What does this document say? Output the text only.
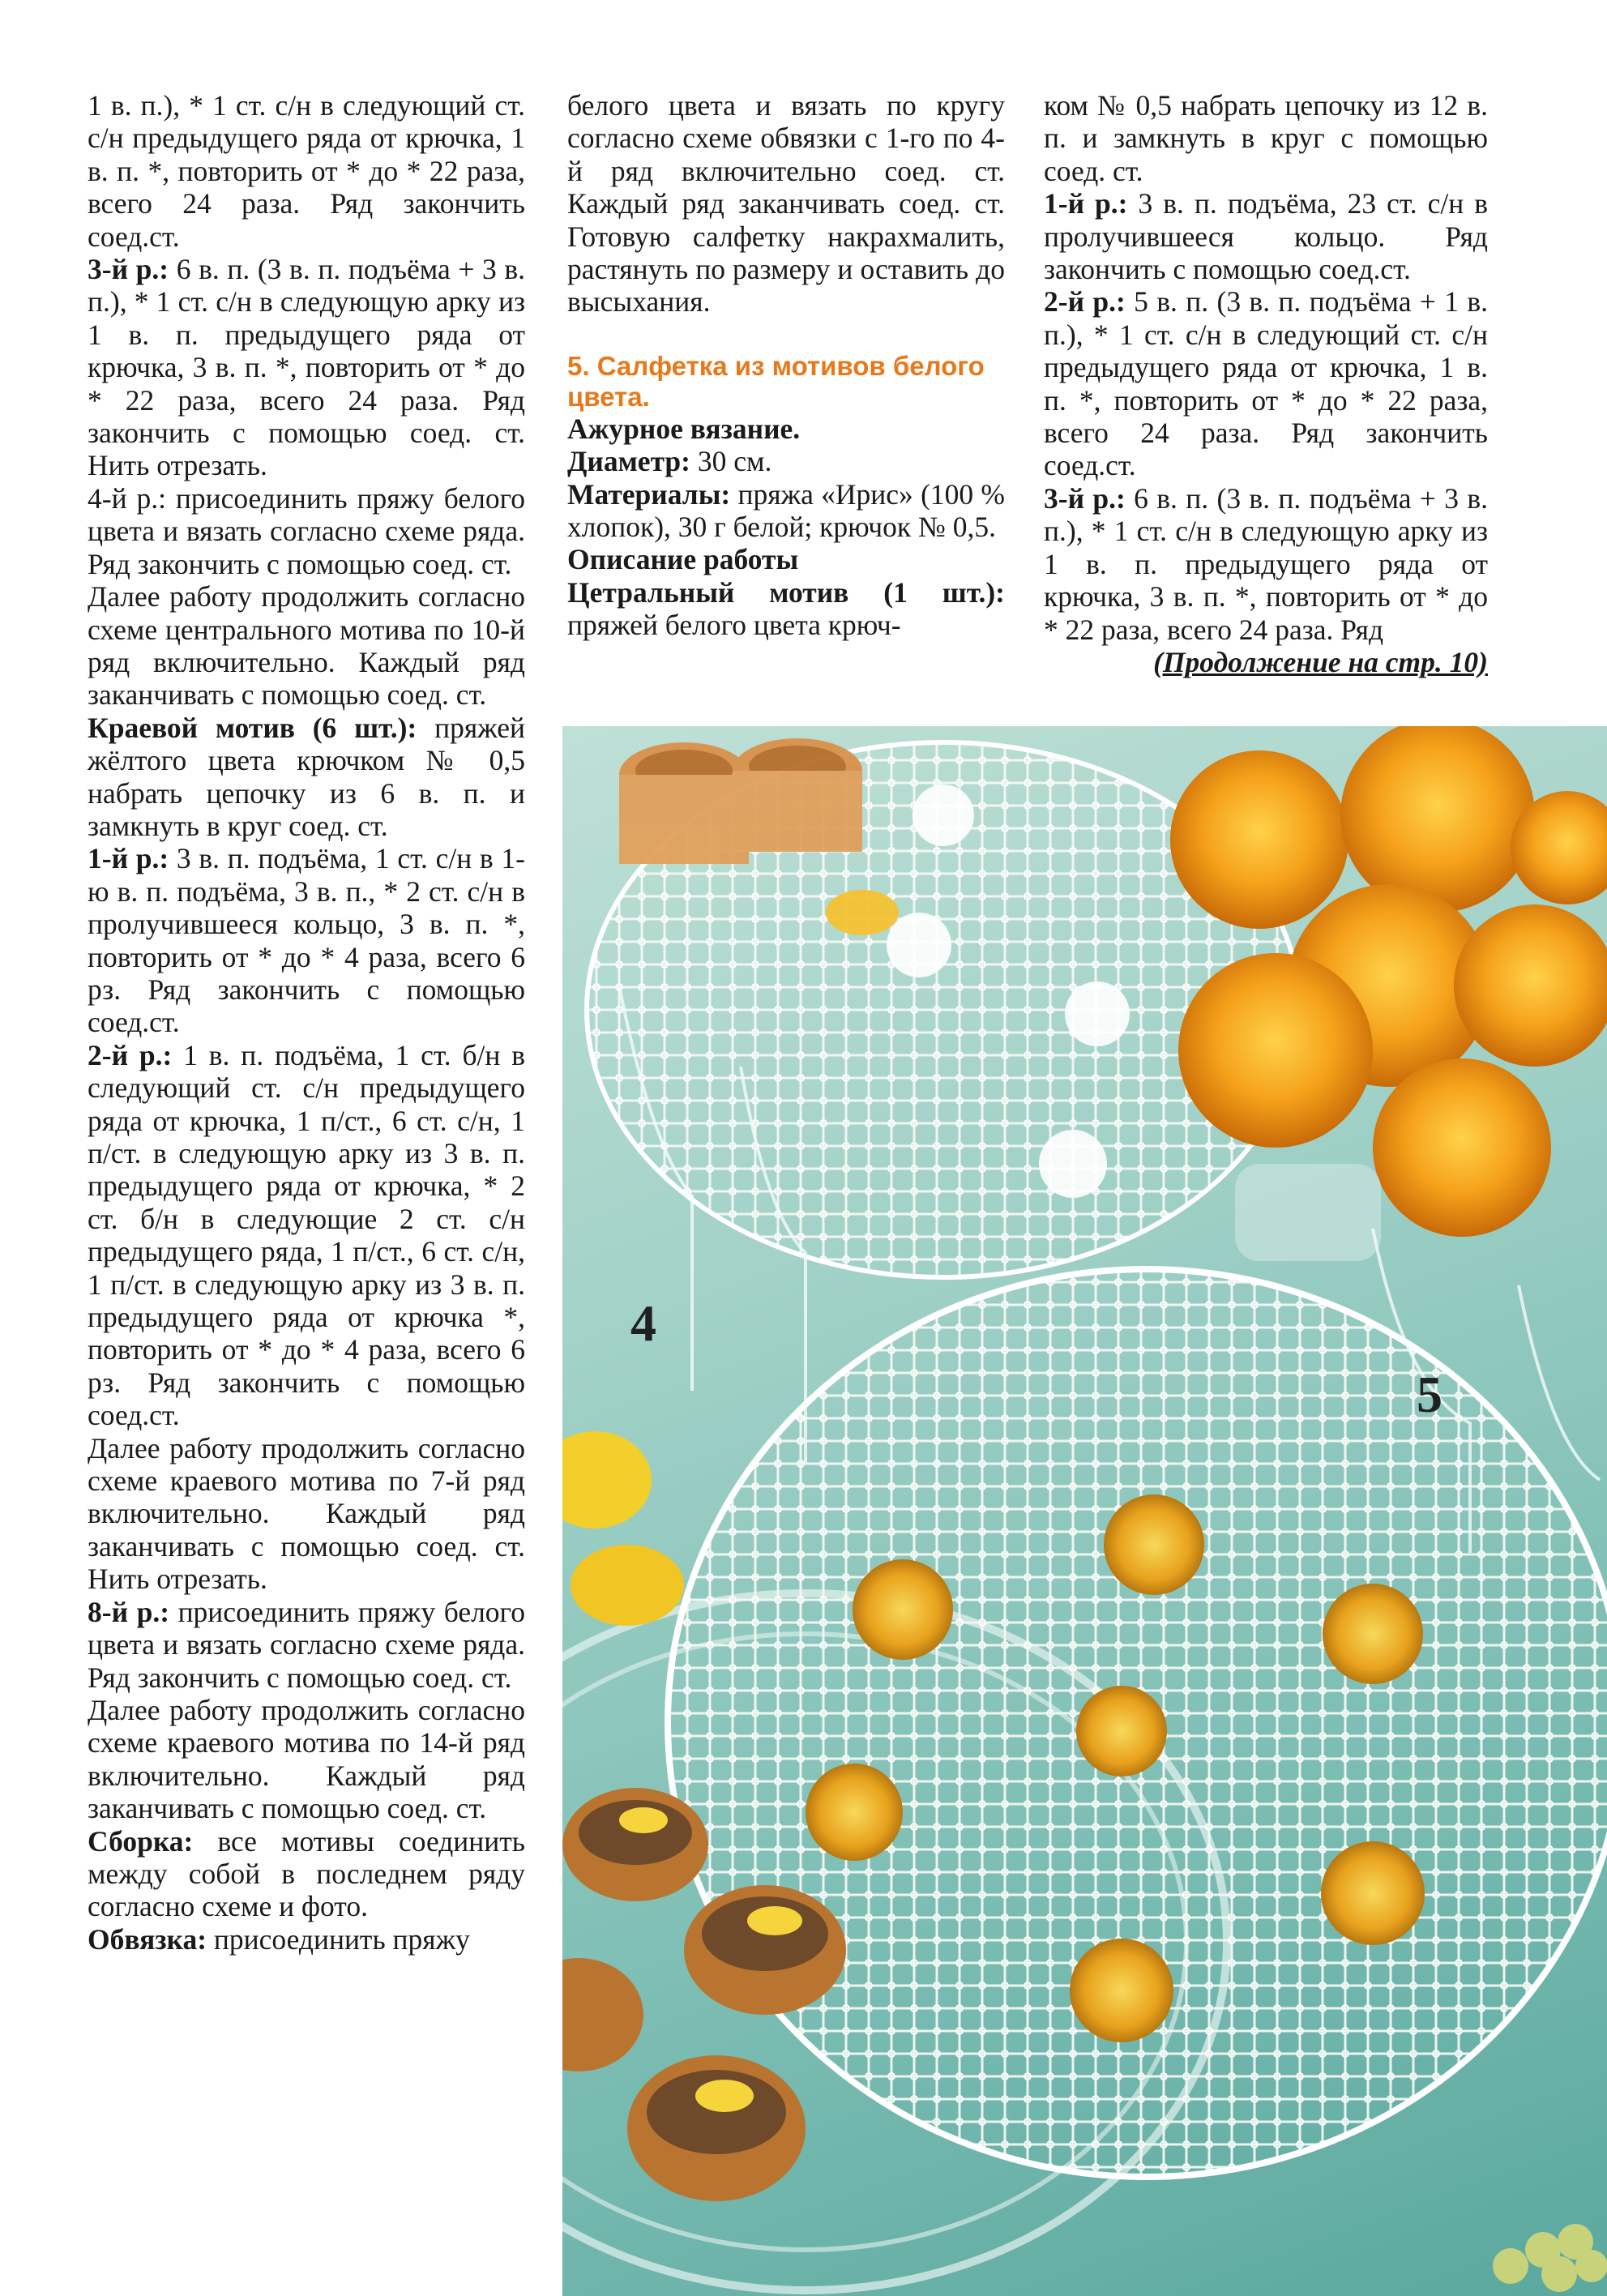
1 в. п.), * 1 ст. с/н в следующий ст. с/н предыдущего ряда от крючка, 1 в. п. *, повторить от * до * 22 раза, всего 24 раза. Ряд закончить соед.ст.

3-й р.: 6 в. п. (3 в. п. подъёма + 3 в. п.), * 1 ст. с/н в следующую арку из 1 в. п. предыдущего ряда от крючка, 3 в. п. *, повторить от * до * 22 раза, всего 24 раза. Ряд закончить с помощью соед. ст. Нить отрезать.

4-й р.: присоединить пряжу белого цвета и вязать согласно схеме ряда. Ряд закончить с помощью соед. ст.

Далее работу продолжить согласно схеме центрального мотива по 10-й ряд включительно. Каждый ряд заканчивать с помощью соед. ст.

Краевой мотив (6 шт.): пряжей жёлтого цвета крючком № 0,5 набрать цепочку из 6 в. п. и замкнуть в круг соед. ст.

1-й р.: 3 в. п. подъёма, 1 ст. с/н в 1-ю в. п. подъёма, 3 в. п., * 2 ст. с/н в пролучившееся кольцо, 3 в. п. *, повторить от * до * 4 раза, всего 6 рз. Ряд закончить с помощью соед.ст.

2-й р.: 1 в. п. подъёма, 1 ст. б/н в следующий ст. с/н предыдущего ряда от крючка, 1 п/ст., 6 ст. с/н, 1 п/ст. в следующую арку из 3 в. п. предыдущего ряда от крючка, * 2 ст. б/н в следующие 2 ст. с/н предыдущего ряда, 1 п/ст., 6 ст. с/н, 1 п/ст. в следующую арку из 3 в. п. предыдущего ряда от крючка *, повторить от * до * 4 раза, всего 6 рз. Ряд закончить с помощью соед.ст.

Далее работу продолжить согласно схеме краевого мотива по 7-й ряд включительно. Каждый ряд заканчивать с помощью соед. ст. Нить отрезать.

8-й р.: присоединить пряжу белого цвета и вязать согласно схеме ряда. Ряд закончить с помощью соед. ст.

Далее работу продолжить согласно схеме краевого мотива по 14-й ряд включительно. Каждый ряд заканчивать с помощью соед. ст.

Сборка: все мотивы соединить между собой в последнем ряду согласно схеме и фото.

Обвязка: присоединить пряжу

белого цвета и вязать по кругу согласно схеме обвязки с 1-го по 4-й ряд включительно соед. ст. Каждый ряд заканчивать соед. ст. Готовую салфетку накрахмалить, растянуть по размеру и оставить до высыхания.

5. Салфетка из мотивов белого цвета.

Ажурное вязание.

Диаметр: 30 см.

Материалы: пряжа «Ирис» (100 % хлопок), 30 г белой; крючок № 0,5.

Описание работы

Цетральный мотив (1 шт.): пряжей белого цвета крюч-

ком № 0,5 набрать цепочку из 12 в. п. и замкнуть в круг с помощью соед. ст.

1-й р.: 3 в. п. подъёма, 23 ст. с/н в пролучившееся кольцо. Ряд закончить с помощью соед.ст.

2-й р.: 5 в. п. (3 в. п. подъёма + 1 в. п.), * 1 ст. с/н в следующий ст. с/н предыдущего ряда от крючка, 1 в. п. *, повторить от * до * 22 раза, всего 24 раза. Ряд закончить соед.ст.

3-й р.: 6 в. п. (3 в. п. подъёма + 3 в. п.), * 1 ст. с/н в следующую арку из 1 в. п. предыдущего ряда от крючка, 3 в. п. *, повторить от * до * 22 раза, всего 24 раза. Ряд

(Продолжение на стр. 10)

4
5
